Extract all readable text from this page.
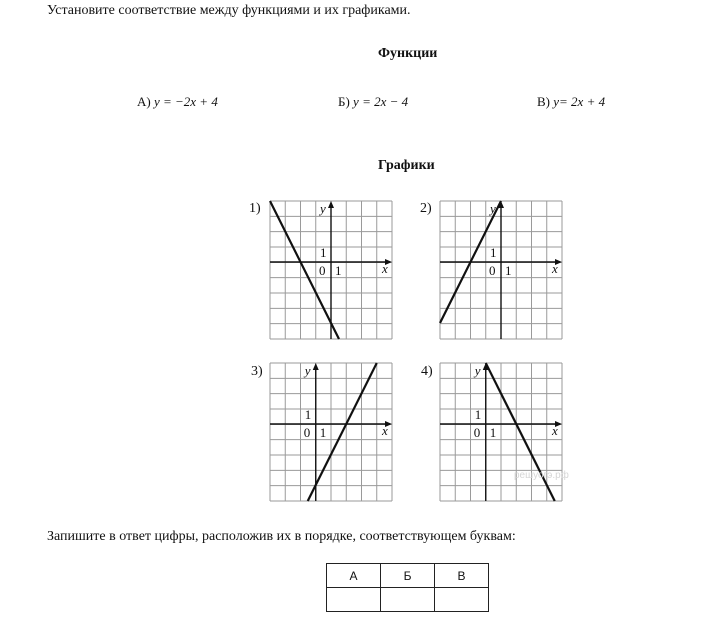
Установите соответствие между функциями и их графиками.
Функции
А) y = −2x + 4	Б) y = 2x − 4	В) y= 2x + 4
Графики
1)	2)
3)	4)
x
y
0 1
1
x
y
0 1
1
x
y
0 1
1
x
y
0 1
1
решуогэ.рф
Запишите в ответ цифры, расположив их в порядке, соответствующем буквам:
А	Б	В
